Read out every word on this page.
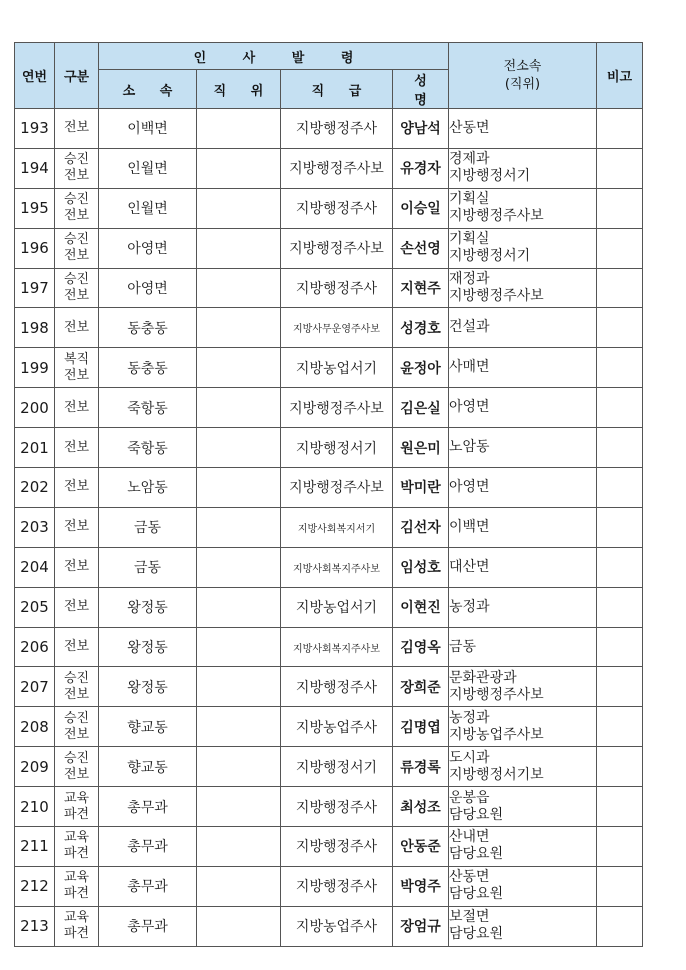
연번	구분	인 사 발 령				전소속
(직위)	비고
		소 속	직 위	직 급	성 명		
193	전보	이백면		지방행정주사	양남석	산동면	

194	승진
전보	인월면		지방행정주사보	유경자	경제과
지방행정서기	

195	승진
전보	인월면		지방행정주사	이승일	기획실
지방행정주사보	

196	승진
전보	아영면		지방행정주사보	손선영	기획실
지방행정서기	

197	승진
전보	아영면		지방행정주사	지현주	재정과
지방행정주사보	

198	전보	동충동		지방사무운영주사보	성경호	건설과	

199	복직
전보	동충동		지방농업서기	윤정아	사매면	

200	전보	죽항동		지방행정주사보	김은실	아영면	

201	전보	죽항동		지방행정서기	원은미	노암동	

202	전보	노암동		지방행정주사보	박미란	아영면	

203	전보	금동		지방사회복지서기	김선자	이백면	

204	전보	금동		지방사회복지주사보	임성호	대산면	

205	전보	왕정동		지방농업서기	이현진	농정과	

206	전보	왕정동		지방사회복지주사보	김영옥	금동	

207	승진
전보	왕정동		지방행정주사	장희준	문화관광과
지방행정주사보	

208	승진
전보	향교동		지방농업주사	김명엽	농정과
지방농업주사보	

209	승진
전보	향교동		지방행정서기	류경록	도시과
지방행정서기보	

210	교육
파견	총무과		지방행정주사	최성조	운봉읍
담당요원	

211	교육
파견	총무과		지방행정주사	안동준	산내면
담당요원	

212	교육
파견	총무과		지방행정주사	박영주	산동면
담당요원	

213	교육
파견	총무과		지방농업주사	장엄규	보절면
담당요원	
